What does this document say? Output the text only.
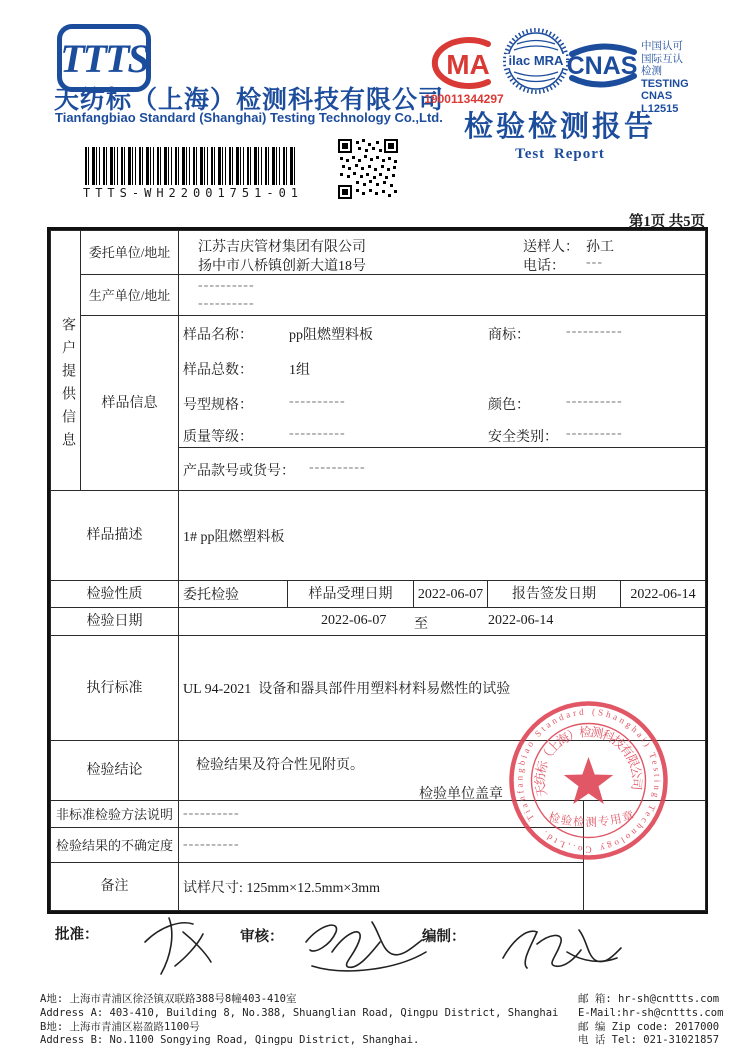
TTTS
天纺标（上海）检测科技有限公司
Tianfangbiao Standard (Shanghai) Testing Technology Co.,Ltd.
TTTS-WH22001751-01
MA
190011344297
ilac MRA CNAS
中国认可
国际互认
检测
TESTING
CNAS L12515
检验检测报告
Test Report
第1页 共5页
客户提供信息
委托单位/地址	江苏吉庆管材集团有限公司
扬中市八桥镇创新大道18号
送样人： 孙工
电话： ---
生产单位/地址
----------
----------
样品信息
样品名称：	pp阻燃塑料板	商标：	----------
样品总数：	1组
号型规格：	----------	颜色：	----------
质量等级：	----------	安全类别： ----------
产品款号或货号： ----------
样品描述	1# pp阻燃塑料板
检验性质	委托检验	样品受理日期	2022-06-07	报告签发日期	2022-06-14
检验日期	2022-06-07 至	2022-06-14
执行标准	UL 94-2021  设备和器具部件用塑料材料易燃性的试验
检验结论	检验结果及符合性见附页。
检验单位盖章
非标准检验方法说明 ----------
检验结果的不确定度 ----------
备注	试样尺寸: 125mm×12.5mm×3mm
Tianfangbiao Standard (Shanghai) Testing Technology Co.,Ltd.
天纺标（上海）检测科技有限公司
检验检测专用章
批准：	审核：	编制：
A地: 上海市青浦区徐泾镇双联路388号8幢403-410室
Address A: 403-410, Building 8, No.388, Shuanglian Road, Qingpu District, Shanghai
B地: 上海市青浦区崧盈路1100号
Address B: No.1100 Songying Road, Qingpu District, Shanghai.
邮 箱: hr-sh@cnttts.com
E-Mail:hr-sh@cnttts.com
邮 编 Zip code: 2017000
电 话 Tel: 021-31021857
